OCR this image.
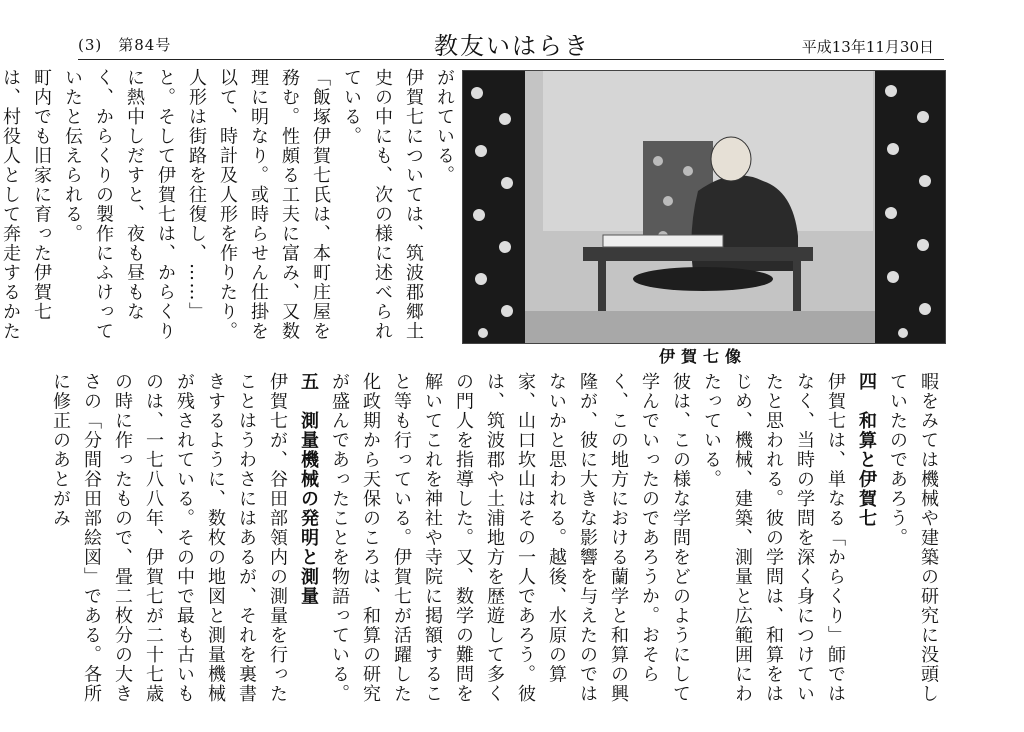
(3) 第84号	教友いはらき	平成13年11月30日

がれている。

伊賀七については、筑波郡郷土史の中にも、次の様に述べられている。

「飯塚伊賀七氏は、本町庄屋を務む。性頗る工夫に富み、又数理に明なり。或時らせん仕掛を以て、時計及人形を作りたり。人形は街路を往復し、……」と。そして伊賀七は、からくりに熱中しだすと、夜も昼もなく、からくりの製作にふけっていたと伝えられる。

町内でも旧家に育った伊賀七は、村役人として奔走するかた

伊賀七像

暇をみては機械や建築の研究に没頭していたのであろう。

四　和算と伊賀七

伊賀七は、単なる「からくり」師ではなく、当時の学問を深く身につけていたと思われる。彼の学問は、和算をはじめ、機械、建築、測量と広範囲にわたっている。

彼は、この様な学問をどのようにして学んでいったのであろうか。おそらく、この地方における蘭学と和算の興隆が、彼に大きな影響を与えたのではないかと思われる。越後、水原の算家、山口坎山はその一人であろう。彼は、筑波郡や土浦地方を歴遊して多くの門人を指導した。又、数学の難問を解いてこれを神社や寺院に掲額すること等も行っている。伊賀七が活躍した化政期から天保のころは、和算の研究が盛んであったことを物語っている。

五　測量機械の発明と測量

伊賀七が、谷田部領内の測量を行ったことはうわさにはあるが、それを裏書きするように、数枚の地図と測量機械が残されている。その中で最も古いものは、一七八八年、伊賀七が二十七歳の時に作ったもので、畳二枚分の大きさの「分間谷田部絵図」である。各所に修正のあとがみ
